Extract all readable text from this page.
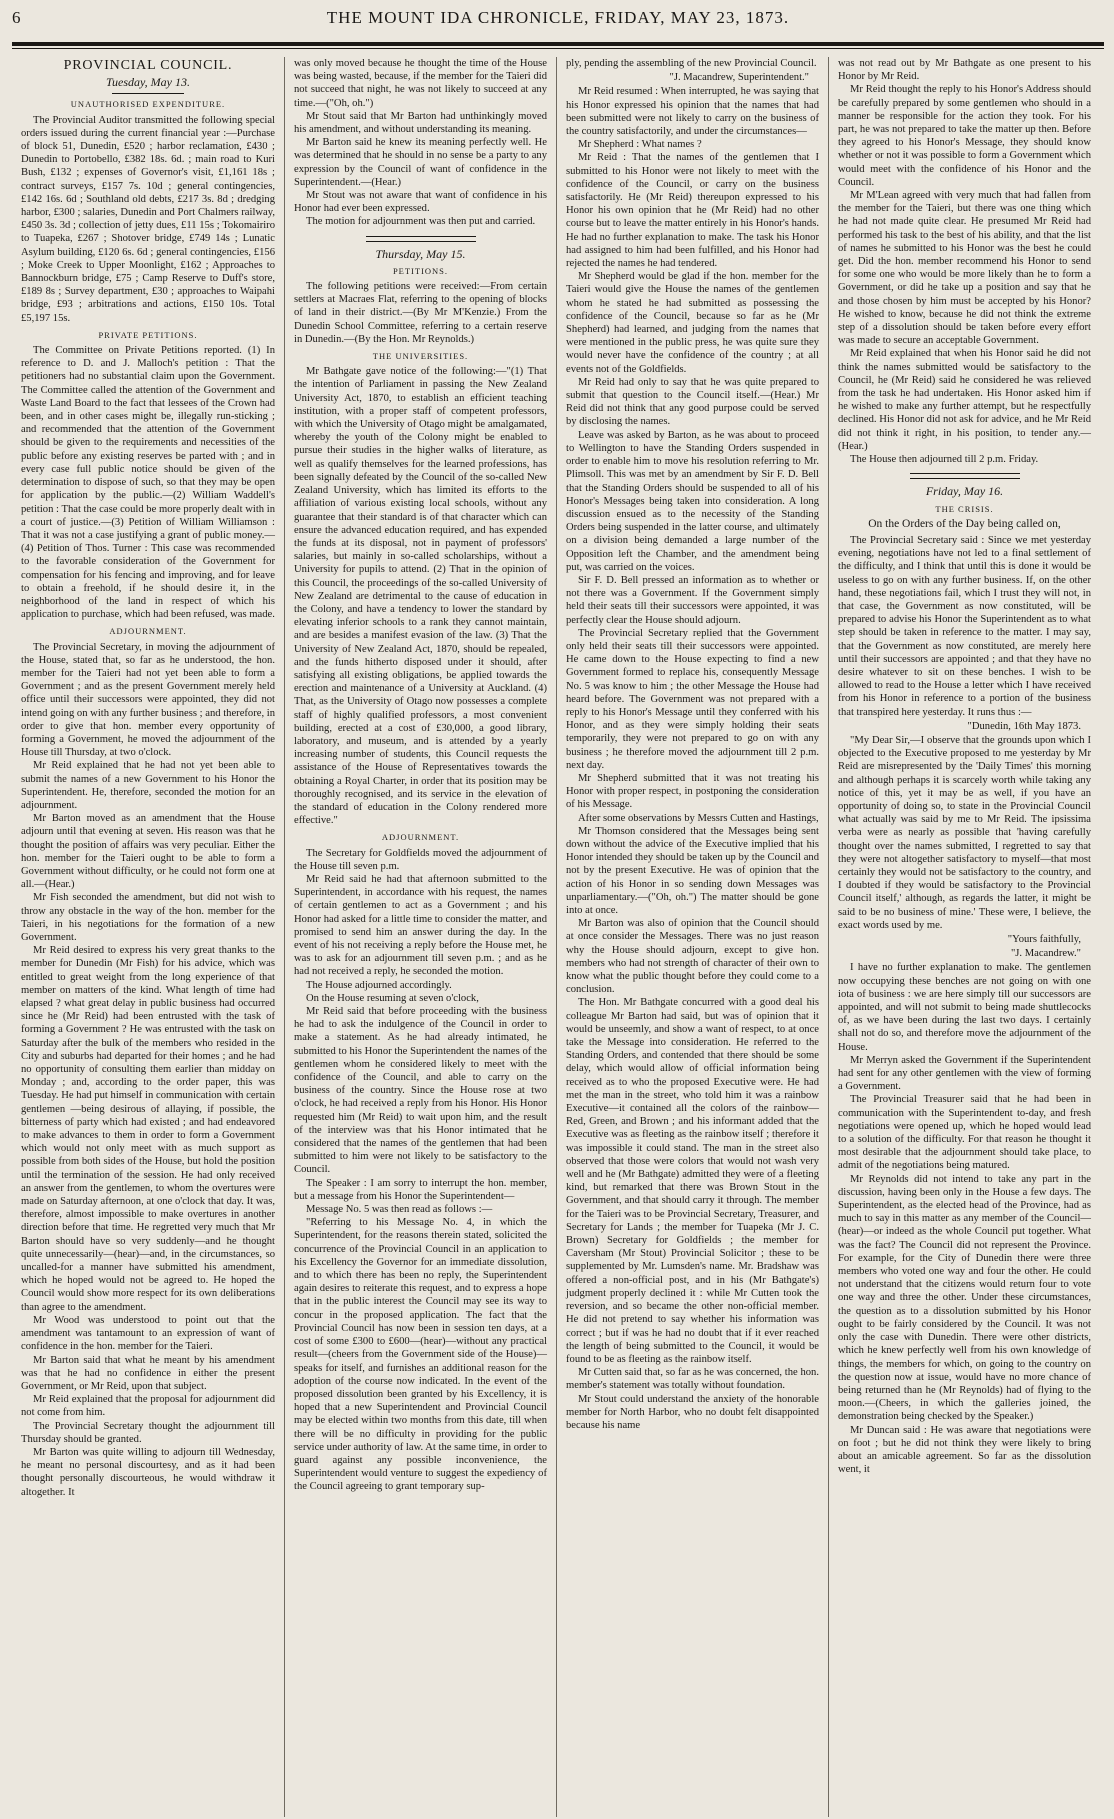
6	THE MOUNT IDA CHRONICLE, FRIDAY, MAY 23, 1873.
PROVINCIAL COUNCIL.
Tuesday, May 13.
UNAUTHORISED EXPENDITURE.

The Provincial Auditor transmitted the following special orders issued during the current financial year :—Purchase of block 51, Dunedin, £520 ; harbor reclamation, £430 ; Dunedin to Portobello, £382 18s. 6d. ; main road to Kuri Bush, £132 ; expenses of Governor's visit, £1,161 18s ; contract surveys, £157 7s. 10d ; general contingencies, £142 16s. 6d ; Southland old debts, £217 3s. 8d ; dredging harbor, £300 ; salaries, Dunedin and Port Chalmers railway, £450 3s. 3d ; collection of jetty dues, £11 15s ; Tokomairiro to Tuapeka, £267 ; Shotover bridge, £749 14s ; Lunatic Asylum building, £120 6s. 6d ; general contingencies, £156 ; Moke Creek to Upper Moonlight, £162 ; Approaches to Bannockburn bridge, £75 ; Camp Reserve to Duff's store, £189 8s ; Survey department, £30 ; approaches to Waipahi bridge, £93 ; arbitrations and actions, £150 10s. Total £5,197 15s.

PRIVATE PETITIONS.

The Committee on Private Petitions reported. (1) In reference to D. and J. Malloch's petition : That the petitioners had no substantial claim upon the Government. The Committee called the attention of the Government and Waste Land Board to the fact that lessees of the Crown had been, and in other cases might be, illegally run-sticking ; and recommended that the attention of the Government should be given to the requirements and necessities of the public before any existing reserves be parted with ; and in every case full public notice should be given of the determination to dispose of such, so that they may be open for application by the public.—(2) William Waddell's petition : That the case could be more properly dealt with in a court of justice.—(3) Petition of William Williamson : That it was not a case justifying a grant of public money.—(4) Petition of Thos. Turner : This case was recommended to the favorable consideration of the Government for compensation for his fencing and improving, and for leave to obtain a freehold, if he should desire it, in the neighborhood of the land in respect of which his application to purchase, which had been refused, was made.

ADJOURNMENT.

The Provincial Secretary, in moving the adjournment of the House, stated that, so far as he understood, the hon. member for the Taieri had not yet been able to form a Government ; and as the present Government merely held office until their successors were appointed, they did not intend going on with any further business ; and therefore, in order to give that hon. member every opportunity of forming a Government, he moved the adjournment of the House till Thursday, at two o'clock.

Mr Reid explained that he had not yet been able to submit the names of a new Government to his Honor the Superintendent. He, therefore, seconded the motion for an adjournment.

Mr Barton moved as an amendment that the House adjourn until that evening at seven. His reason was that he thought the position of affairs was very peculiar. Either the hon. member for the Taieri ought to be able to form a Government without difficulty, or he could not form one at all.—(Hear.)

Mr Fish seconded the amendment, but did not wish to throw any obstacle in the way of the hon. member for the Taieri, in his negotiations for the formation of a new Government.

Mr Reid desired to express his very great thanks to the member for Dunedin (Mr Fish) for his advice, which was entitled to great weight from the long experience of that member on matters of the kind. What length of time had elapsed ? what great delay in public business had occurred since he (Mr Reid) had been entrusted with the task of forming a Government ? He was entrusted with the task on Saturday after the bulk of the members who resided in the City and suburbs had departed for their homes ; and he had no opportunity of consulting them earlier than midday on Monday ; and, according to the order paper, this was Tuesday. He had put himself in communication with certain gentlemen —being desirous of allaying, if possible, the bitterness of party which had existed ; and had endeavored to make advances to them in order to form a Government which would not only meet with as much support as possible from both sides of the House, but hold the position until the termination of the session. He had only received an answer from the gentlemen, to whom the overtures were made on Saturday afternoon, at one o'clock that day. It was, therefore, almost impossible to make overtures in another direction before that time. He regretted very much that Mr Barton should have so very suddenly—and he thought quite unnecessarily—(hear)—and, in the circumstances, so uncalled-for a manner have submitted his amendment, which he hoped would not be agreed to. He hoped the Council would show more respect for its own deliberations than agree to the amendment.

Mr Wood was understood to point out that the amendment was tantamount to an expression of want of confidence in the hon. member for the Taieri.

Mr Barton said that what he meant by his amendment was that he had no confidence in either the present Government, or Mr Reid, upon that subject.

Mr Reid explained that the proposal for adjournment did not come from him.

The Provincial Secretary thought the adjournment till Thursday should be granted.

Mr Barton was quite willing to adjourn till Wednesday, he meant no personal discourtesy, and as it had been thought personally discourteous, he would withdraw it altogether. It

was only moved because he thought the time of the House was being wasted, because, if the member for the Taieri did not succeed that night, he was not likely to succeed at any time.—("Oh, oh.")

Mr Stout said that Mr Barton had unthinkingly moved his amendment, and without understanding its meaning.

Mr Barton said he knew its meaning perfectly well. He was determined that he should in no sense be a party to any expression by the Council of want of confidence in the Superintendent.—(Hear.)

Mr Stout was not aware that want of confidence in his Honor had ever been expressed.

The motion for adjournment was then put and carried.

Thursday, May 15.
PETITIONS.

The following petitions were received:—From certain settlers at Macraes Flat, referring to the opening of blocks of land in their district.—(By Mr M'Kenzie.) From the Dunedin School Committee, referring to a certain reserve in Dunedin.—(By the Hon. Mr Reynolds.)

THE UNIVERSITIES.

Mr Bathgate gave notice of the following:—"(1) That the intention of Parliament in passing the New Zealand University Act, 1870, to establish an efficient teaching institution, with a proper staff of competent professors, with which the University of Otago might be amalgamated, whereby the youth of the Colony might be enabled to pursue their studies in the higher walks of literature, as well as qualify themselves for the learned professions, has been signally defeated by the Council of the so-called New Zealand University, which has limited its efforts to the affiliation of various existing local schools, without any guarantee that their standard is of that character which can ensure the advanced education required, and has expended the funds at its disposal, not in payment of professors' salaries, but mainly in so-called scholarships, without a University for pupils to attend. (2) That in the opinion of this Council, the proceedings of the so-called University of New Zealand are detrimental to the cause of education in the Colony, and have a tendency to lower the standard by elevating inferior schools to a rank they cannot maintain, and are besides a manifest evasion of the law. (3) That the University of New Zealand Act, 1870, should be repealed, and the funds hitherto disposed under it should, after satisfying all existing obligations, be applied towards the erection and maintenance of a University at Auckland. (4) That, as the University of Otago now possesses a complete staff of highly qualified professors, a most convenient building, erected at a cost of £30,000, a good library, laboratory, and museum, and is attended by a yearly increasing number of students, this Council requests the assistance of the House of Representatives towards the obtaining a Royal Charter, in order that its position may be thoroughly recognised, and its service in the elevation of the standard of education in the Colony rendered more effective."

ADJOURNMENT.

The Secretary for Goldfields moved the adjournment of the House till seven p.m.

Mr Reid said he had that afternoon submitted to the Superintendent, in accordance with his request, the names of certain gentlemen to act as a Government ; and his Honor had asked for a little time to consider the matter, and promised to send him an answer during the day. In the event of his not receiving a reply before the House met, he was to ask for an adjournment till seven p.m. ; and as he had not received a reply, he seconded the motion.

The House adjourned accordingly.

On the House resuming at seven o'clock,

Mr Reid said that before proceeding with the business he had to ask the indulgence of the Council in order to make a statement. As he had already intimated, he submitted to his Honor the Superintendent the names of the gentlemen whom he considered likely to meet with the confidence of the Council, and able to carry on the business of the country. Since the House rose at two o'clock, he had received a reply from his Honor. His Honor requested him (Mr Reid) to wait upon him, and the result of the interview was that his Honor intimated that he considered that the names of the gentlemen that had been submitted to him were not likely to be satisfactory to the Council.

The Speaker : I am sorry to interrupt the hon. member, but a message from his Honor the Superintendent—

Message No. 5 was then read as follows :—

"Referring to his Message No. 4, in which the Superintendent, for the reasons therein stated, solicited the concurrence of the Provincial Council in an application to his Excellency the Governor for an immediate dissolution, and to which there has been no reply, the Superintendent again desires to reiterate this request, and to express a hope that in the public interest the Council may see its way to concur in the proposed application. The fact that the Provincial Council has now been in session ten days, at a cost of some £300 to £600—(hear)—without any practical result—(cheers from the Government side of the House)—speaks for itself, and furnishes an additional reason for the adoption of the course now indicated. In the event of the proposed dissolution been granted by his Excellency, it is hoped that a new Superintendent and Provincial Council may be elected within two months from this date, till when there will be no difficulty in providing for the public service under authority of law. At the same time, in order to guard against any possible inconvenience, the Superintendent would venture to suggest the expediency of the Council agreeing to grant temporary sup-

ply, pending the assembling of the new Provincial Council.

"J. Macandrew, Superintendent."

Mr Reid resumed : When interrupted, he was saying that his Honor expressed his opinion that the names that had been submitted were not likely to carry on the business of the country satisfactorily, and under the circumstances—

Mr Shepherd : What names ?

Mr Reid : That the names of the gentlemen that I submitted to his Honor were not likely to meet with the confidence of the Council, or carry on the business satisfactorily. He (Mr Reid) thereupon expressed to his Honor his own opinion that he (Mr Reid) had no other course but to leave the matter entirely in his Honor's hands. He had no further explanation to make. The task his Honor had assigned to him had been fulfilled, and his Honor had rejected the names he had tendered.

Mr Shepherd would be glad if the hon. member for the Taieri would give the House the names of the gentlemen whom he stated he had submitted as possessing the confidence of the Council, because so far as he (Mr Shepherd) had learned, and judging from the names that were mentioned in the public press, he was quite sure they would never have the confidence of the country ; at all events not of the Goldfields.

Mr Reid had only to say that he was quite prepared to submit that question to the Council itself.—(Hear.) Mr Reid did not think that any good purpose could be served by disclosing the names.

Leave was asked by Barton, as he was about to proceed to Wellington to have the Standing Orders suspended in order to enable him to move his resolution referring to Mr. Plimsoll. This was met by an amendment by Sir F. D. Bell that the Standing Orders should be suspended to all of his Honor's Messages being taken into consideration. A long discussion ensued as to the necessity of the Standing Orders being suspended in the latter course, and ultimately on a division being demanded a large number of the Opposition left the Chamber, and the amendment being put, was carried on the voices.

Sir F. D. Bell pressed an information as to whether or not there was a Government. If the Government simply held their seats till their successors were appointed, it was perfectly clear the House should adjourn.

The Provincial Secretary replied that the Government only held their seats till their successors were appointed. He came down to the House expecting to find a new Government formed to replace his, consequently Message No. 5 was know to him ; the other Message the House had heard before. The Government was not prepared with a reply to his Honor's Message until they conferred with his Honor, and as they were simply holding their seats temporarily, they were not prepared to go on with any business ; he therefore moved the adjournment till 2 p.m. next day.

Mr Shepherd submitted that it was not treating his Honor with proper respect, in postponing the consideration of his Message.

After some observations by Messrs Cutten and Hastings,

Mr Thomson considered that the Messages being sent down without the advice of the Executive implied that his Honor intended they should be taken up by the Council and not by the present Executive. He was of opinion that the action of his Honor in so sending down Messages was unparliamentary.—("Oh, oh.") The matter should be gone into at once.

Mr Barton was also of opinion that the Council should at once consider the Messages. There was no just reason why the House should adjourn, except to give hon. members who had not strength of character of their own to know what the public thought before they could come to a conclusion.

The Hon. Mr Bathgate concurred with a good deal his colleague Mr Barton had said, but was of opinion that it would be unseemly, and show a want of respect, to at once take the Message into consideration. He referred to the Standing Orders, and contended that there should be some delay, which would allow of official information being received as to who the proposed Executive were. He had met the man in the street, who told him it was a rainbow Executive—it contained all the colors of the rainbow—Red, Green, and Brown ; and his informant added that the Executive was as fleeting as the rainbow itself ; therefore it was impossible it could stand. The man in the street also observed that those were colors that would not wash very well and he (Mr Bathgate) admitted they were of a fleeting kind, but remarked that there was Brown Stout in the Government, and that should carry it through. The member for the Taieri was to be Provincial Secretary, Treasurer, and Secretary for Lands ; the member for Tuapeka (Mr J. C. Brown) Secretary for Goldfields ; the member for Caversham (Mr Stout) Provincial Solicitor ; these to be supplemented by Mr. Lumsden's name. Mr. Bradshaw was offered a non-official post, and in his (Mr Bathgate's) judgment properly declined it : while Mr Cutten took the reversion, and so became the other non-official member. He did not pretend to say whether his information was correct ; but if was he had no doubt that if it ever reached the length of being submitted to the Council, it would be found to be as fleeting as the rainbow itself.

Mr Cutten said that, so far as he was concerned, the hon. member's statement was totally without foundation.

Mr Stout could understand the anxiety of the honorable member for North Harbor, who no doubt felt disappointed because his name

was not read out by Mr Bathgate as one present to his Honor by Mr Reid.

Mr Reid thought the reply to his Honor's Address should be carefully prepared by some gentlemen who should in a manner be responsible for the action they took. For his part, he was not prepared to take the matter up then. Before they agreed to his Honor's Message, they should know whether or not it was possible to form a Government which would meet with the confidence of his Honor and the Council.

Mr M'Lean agreed with very much that had fallen from the member for the Taieri, but there was one thing which he had not made quite clear. He presumed Mr Reid had performed his task to the best of his ability, and that the list of names he submitted to his Honor was the best he could get. Did the hon. member recommend his Honor to send for some one who would be more likely than he to form a Government, or did he take up a position and say that he and those chosen by him must be accepted by his Honor? He wished to know, because he did not think the extreme step of a dissolution should be taken before every effort was made to secure an acceptable Government.

Mr Reid explained that when his Honor said he did not think the names submitted would be satisfactory to the Council, he (Mr Reid) said he considered he was relieved from the task he had undertaken. His Honor asked him if he wished to make any further attempt, but he respectfully declined. His Honor did not ask for advice, and he Mr Reid did not think it right, in his position, to tender any.—(Hear.)

The House then adjourned till 2 p.m. Friday.

Friday, May 16.
THE CRISIS.
On the Orders of the Day being called on,

The Provincial Secretary said : Since we met yesterday evening, negotiations have not led to a final settlement of the difficulty, and I think that until this is done it would be useless to go on with any further business. If, on the other hand, these negotiations fail, which I trust they will not, in that case, the Government as now constituted, will be prepared to advise his Honor the Superintendent as to what step should be taken in reference to the matter. I may say, that the Government as now constituted, are merely here until their successors are appointed ; and that they have no desire whatever to sit on these benches. I wish to be allowed to read to the House a letter which I have received from his Honor in reference to a portion of the business that transpired here yesterday. It runs thus :—

"Dunedin, 16th May 1873.

"My Dear Sir,—I observe that the grounds upon which I objected to the Executive proposed to me yesterday by Mr Reid are misrepresented by the 'Daily Times' this morning and although perhaps it is scarcely worth while taking any notice of this, yet it may be as well, if you have an opportunity of doing so, to state in the Provincial Council what actually was said by me to Mr Reid. The ipsissima verba were as nearly as possible that 'having carefully thought over the names submitted, I regretted to say that they were not altogether satisfactory to myself—that most certainly they would not be satisfactory to the country, and I doubted if they would be satisfactory to the Provincial Council itself,' although, as regards the latter, it might be said to be no business of mine.' These were, I believe, the exact words used by me.

"Yours faithfully,
"J. Macandrew."

I have no further explanation to make. The gentlemen now occupying these benches are not going on with one iota of business : we are here simply till our successors are appointed, and will not submit to being made shuttlecocks of, as we have been during the last two days. I certainly shall not do so, and therefore move the adjournment of the House.

Mr Merryn asked the Government if the Superintendent had sent for any other gentlemen with the view of forming a Government.

The Provincial Treasurer said that he had been in communication with the Superintendent to-day, and fresh negotiations were opened up, which he hoped would lead to a solution of the difficulty. For that reason he thought it most desirable that the adjournment should take place, to admit of the negotiations being matured.

Mr Reynolds did not intend to take any part in the discussion, having been only in the House a few days. The Superintendent, as the elected head of the Province, had as much to say in this matter as any member of the Council—(hear)—or indeed as the whole Council put together. What was the fact? The Council did not represent the Province. For example, for the City of Dunedin there were three members who voted one way and four the other. He could not understand that the citizens would return four to vote one way and three the other. Under these circumstances, the question as to a dissolution submitted by his Honor ought to be fairly considered by the Council. It was not only the case with Dunedin. There were other districts, which he knew perfectly well from his own knowledge of things, the members for which, on going to the country on the question now at issue, would have no more chance of being returned than he (Mr Reynolds) had of flying to the moon.—(Cheers, in which the galleries joined, the demonstration being checked by the Speaker.)

Mr Duncan said : He was aware that negotiations were on foot ; but he did not think they were likely to bring about an amicable agreement. So far as the dissolution went, it
